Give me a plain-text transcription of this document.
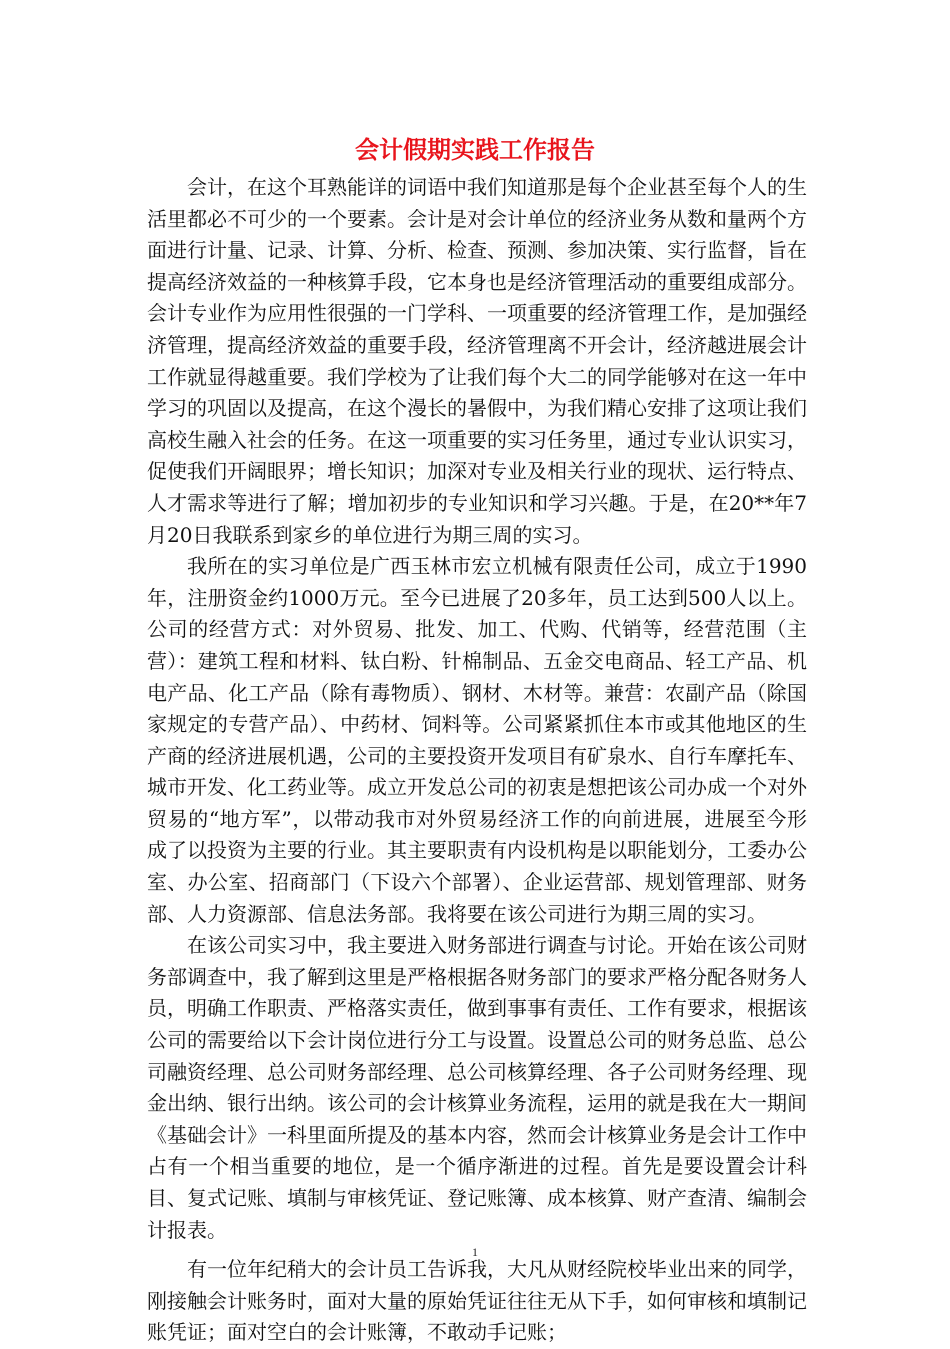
会计假期实践工作报告

会计，在这个耳熟能详的词语中我们知道那是每个企业甚至每个人的生活里都必不可少的一个要素。会计是对会计单位的经济业务从数和量两个方面进行计量、记录、计算、分析、检查、预测、参加决策、实行监督，旨在提高经济效益的一种核算手段，它本身也是经济管理活动的重要组成部分。会计专业作为应用性很强的一门学科、一项重要的经济管理工作，是加强经济管理，提高经济效益的重要手段，经济管理离不开会计，经济越进展会计工作就显得越重要。我们学校为了让我们每个大二的同学能够对在这一年中学习的巩固以及提高，在这个漫长的暑假中，为我们精心安排了这项让我们高校生融入社会的任务。在这一项重要的实习任务里，通过专业认识实习，促使我们开阔眼界；增长知识；加深对专业及相关行业的现状、运行特点、人才需求等进行了解；增加初步的专业知识和学习兴趣。于是，在20**年7月20日我联系到家乡的单位进行为期三周的实习。

我所在的实习单位是广西玉林市宏立机械有限责任公司，成立于1990年，注册资金约1000万元。至今已进展了20多年，员工达到500人以上。公司的经营方式：对外贸易、批发、加工、代购、代销等，经营范围（主营）：建筑工程和材料、钛白粉、针棉制品、五金交电商品、轻工产品、机电产品、化工产品（除有毒物质）、钢材、木材等。兼营：农副产品（除国家规定的专营产品）、中药材、饲料等。公司紧紧抓住本市或其他地区的生产商的经济进展机遇，公司的主要投资开发项目有矿泉水、自行车摩托车、城市开发、化工药业等。成立开发总公司的初衷是想把该公司办成一个对外贸易的“地方军”，以带动我市对外贸易经济工作的向前进展，进展至今形成了以投资为主要的行业。其主要职责有内设机构是以职能划分，工委办公室、办公室、招商部门（下设六个部署）、企业运营部、规划管理部、财务部、人力资源部、信息法务部。我将要在该公司进行为期三周的实习。

在该公司实习中，我主要进入财务部进行调查与讨论。开始在该公司财务部调查中，我了解到这里是严格根据各财务部门的要求严格分配各财务人员，明确工作职责、严格落实责任，做到事事有责任、工作有要求，根据该公司的需要给以下会计岗位进行分工与设置。设置总公司的财务总监、总公司融资经理、总公司财务部经理、总公司核算经理、各子公司财务经理、现金出纳、银行出纳。该公司的会计核算业务流程，运用的就是我在大一期间《基础会计》一科里面所提及的基本内容，然而会计核算业务是会计工作中占有一个相当重要的地位，是一个循序渐进的过程。首先是要设置会计科目、复式记账、填制与审核凭证、登记账簿、成本核算、财产查清、编制会计报表。

有一位年纪稍大的会计员工告诉我，大凡从财经院校毕业出来的同学，刚接触会计账务时，面对大量的原始凭证往往无从下手，如何审核和填制记账凭证；面对空白的会计账簿，不敢动手记账；

1
